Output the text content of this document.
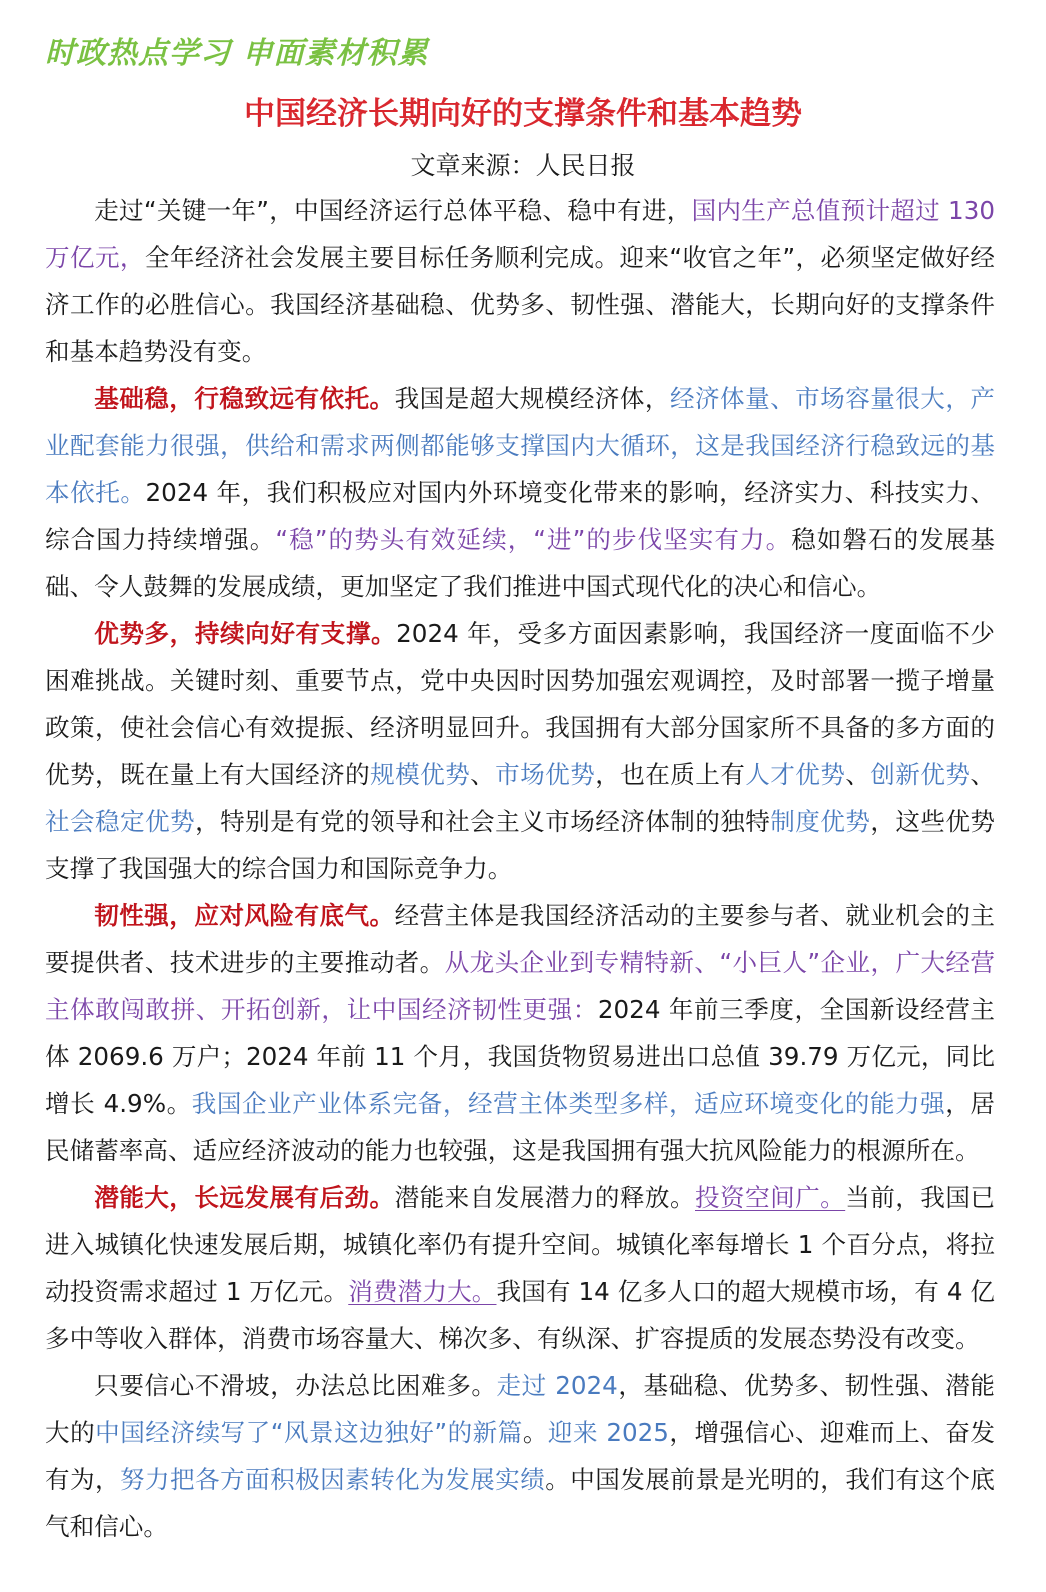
时政热点学习 申面素材积累
中国经济长期向好的支撑条件和基本趋势
文章来源：人民日报

走过“关键一年”，中国经济运行总体平稳、稳中有进，国内生产总值预计超过 130 万亿元，全年经济社会发展主要目标任务顺利完成。迎来“收官之年”，必须坚定做好经济工作的必胜信心。我国经济基础稳、优势多、韧性强、潜能大，长期向好的支撑条件和基本趋势没有变。

基础稳，行稳致远有依托。我国是超大规模经济体，经济体量、市场容量很大，产业配套能力很强，供给和需求两侧都能够支撑国内大循环，这是我国经济行稳致远的基本依托。2024 年，我们积极应对国内外环境变化带来的影响，经济实力、科技实力、综合国力持续增强。“稳”的势头有效延续，“进”的步伐坚实有力。稳如磐石的发展基础、令人鼓舞的发展成绩，更加坚定了我们推进中国式现代化的决心和信心。

优势多，持续向好有支撑。2024 年，受多方面因素影响，我国经济一度面临不少困难挑战。关键时刻、重要节点，党中央因时因势加强宏观调控，及时部署一揽子增量政策，使社会信心有效提振、经济明显回升。我国拥有大部分国家所不具备的多方面的优势，既在量上有大国经济的规模优势、市场优势，也在质上有人才优势、创新优势、社会稳定优势，特别是有党的领导和社会主义市场经济体制的独特制度优势，这些优势支撑了我国强大的综合国力和国际竞争力。

韧性强，应对风险有底气。经营主体是我国经济活动的主要参与者、就业机会的主要提供者、技术进步的主要推动者。从龙头企业到专精特新、“小巨人”企业，广大经营主体敢闯敢拼、开拓创新，让中国经济韧性更强：2024 年前三季度，全国新设经营主体 2069.6 万户；2024 年前 11 个月，我国货物贸易进出口总值 39.79 万亿元，同比增长 4.9%。我国企业产业体系完备，经营主体类型多样，适应环境变化的能力强，居民储蓄率高、适应经济波动的能力也较强，这是我国拥有强大抗风险能力的根源所在。

潜能大，长远发展有后劲。潜能来自发展潜力的释放。投资空间广。当前，我国已进入城镇化快速发展后期，城镇化率仍有提升空间。城镇化率每增长 1 个百分点，将拉动投资需求超过 1 万亿元。消费潜力大。我国有 14 亿多人口的超大规模市场，有 4 亿多中等收入群体，消费市场容量大、梯次多、有纵深、扩容提质的发展态势没有改变。

只要信心不滑坡，办法总比困难多。走过 2024，基础稳、优势多、韧性强、潜能大的中国经济续写了“风景这边独好”的新篇。迎来 2025，增强信心、迎难而上、奋发有为，努力把各方面积极因素转化为发展实绩。中国发展前景是光明的，我们有这个底气和信心。
